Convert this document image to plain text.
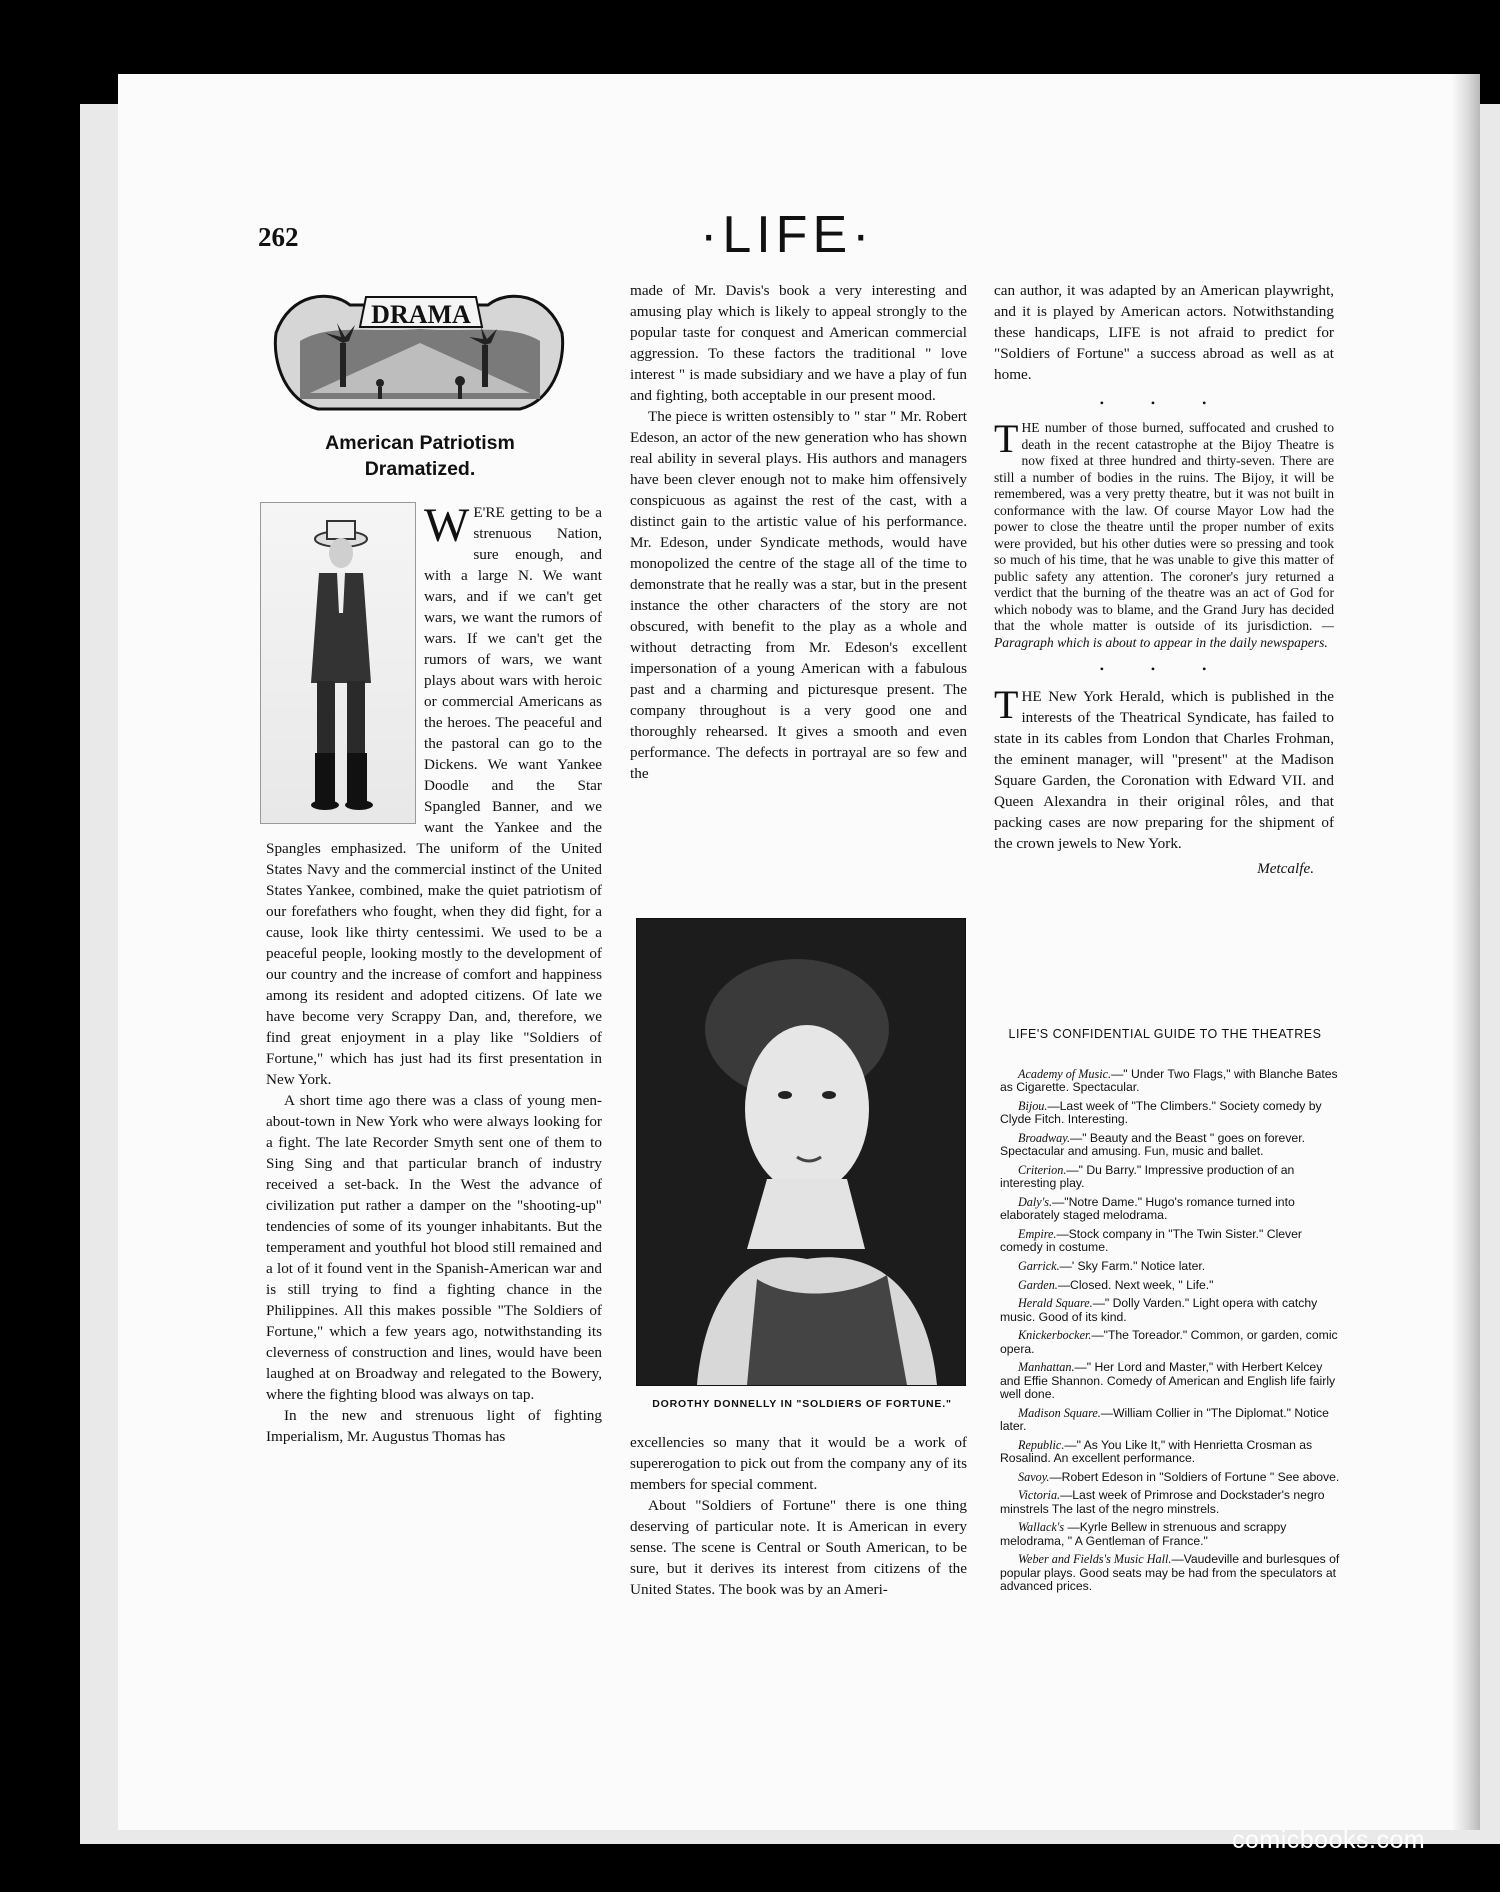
262	·LIFE·
DRAMA
American Patriotism
Dramatized.

W E'RE getting to be a strenuous Nation, sure enough, and with a large N. We want wars, and if we can't get wars, we want the rumors of wars. If we can't get the rumors of wars, we want plays about wars with heroic or commercial Americans as the heroes. The peaceful and the pastoral can go to the Dickens. We want Yankee Doodle and the Star Spangled Banner, and we want the Yankee and the Spangles emphasized. The uniform of the United States Navy and the commercial instinct of the United States Yankee, combined, make the quiet patriotism of our forefathers who fought, when they did fight, for a cause, look like thirty centessimi. We used to be a peaceful people, looking mostly to the development of our country and the increase of comfort and happiness among its resident and adopted citizens. Of late we have become very Scrappy Dan, and, therefore, we find great enjoyment in a play like "Soldiers of Fortune," which has just had its first presentation in New York.

A short time ago there was a class of young men-about-town in New York who were always looking for a fight. The late Recorder Smyth sent one of them to Sing Sing and that particular branch of industry received a set-back. In the West the advance of civilization put rather a damper on the "shooting-up" tendencies of some of its younger inhabitants. But the temperament and youthful hot blood still remained and a lot of it found vent in the Spanish-American war and is still trying to find a fighting chance in the Philippines. All this makes possible "The Soldiers of Fortune," which a few years ago, notwithstanding its cleverness of construction and lines, would have been laughed at on Broadway and relegated to the Bowery, where the fighting blood was always on tap.

In the new and strenuous light of fighting Imperialism, Mr. Augustus Thomas has

made of Mr. Davis's book a very interesting and amusing play which is likely to appeal strongly to the popular taste for conquest and American commercial aggression. To these factors the traditional " love interest " is made subsidiary and we have a play of fun and fighting, both acceptable in our present mood.

The piece is written ostensibly to " star " Mr. Robert Edeson, an actor of the new generation who has shown real ability in several plays. His authors and managers have been clever enough not to make him offensively conspicuous as against the rest of the cast, with a distinct gain to the artistic value of his performance. Mr. Edeson, under Syndicate methods, would have monopolized the centre of the stage all of the time to demonstrate that he really was a star, but in the present instance the other characters of the story are not obscured, with benefit to the play as a whole and without detracting from Mr. Edeson's excellent impersonation of a young American with a fabulous past and a charming and picturesque present. The company throughout is a very good one and thoroughly rehearsed. It gives a smooth and even performance. The defects in portrayal are so few and the

DOROTHY DONNELLY IN "SOLDIERS OF FORTUNE."

excellencies so many that it would be a work of supererogation to pick out from the company any of its members for special comment.

About "Soldiers of Fortune" there is one thing deserving of particular note. It is American in every sense. The scene is Central or South American, to be sure, but it derives its interest from citizens of the United States. The book was by an Ameri-

can author, it was adapted by an American playwright, and it is played by American actors. Notwithstanding these handicaps, LIFE is not afraid to predict for "Soldiers of Fortune" a success abroad as well as at home.

• • •

THE number of those burned, suffocated and crushed to death in the recent catastrophe at the Bijoy Theatre is now fixed at three hundred and thirty-seven. There are still a number of bodies in the ruins. The Bijoy, it will be remembered, was a very pretty theatre, but it was not built in conformance with the law. Of course Mayor Low had the power to close the theatre until the proper number of exits were provided, but his other duties were so pressing and took so much of his time, that he was unable to give this matter of public safety any attention. The coroner's jury returned a verdict that the burning of the theatre was an act of God for which nobody was to blame, and the Grand Jury has decided that the whole matter is outside of its jurisdiction. —Paragraph which is about to appear in the daily newspapers.

• • •

THE New York Herald, which is published in the interests of the Theatrical Syndicate, has failed to state in its cables from London that Charles Frohman, the eminent manager, will "present" at the Madison Square Garden, the Coronation with Edward VII. and Queen Alexandra in their original rôles, and that packing cases are now preparing for the shipment of the crown jewels to New York.

Metcalfe.
LIFE'S CONFIDENTIAL GUIDE TO THE THEATRES
Academy of Music.—" Under Two Flags," with Blanche Bates as Cigarette. Spectacular.
Bijou.—Last week of "The Climbers." Society comedy by Clyde Fitch. Interesting.
Broadway.—" Beauty and the Beast " goes on forever. Spectacular and amusing. Fun, music and ballet.
Criterion.—" Du Barry." Impressive production of an interesting play.
Daly's.—"Notre Dame." Hugo's romance turned into elaborately staged melodrama.
Empire.—Stock company in "The Twin Sister." Clever comedy in costume.
Garrick.—' Sky Farm." Notice later.
Garden.—Closed. Next week, " Life."
Herald Square.—" Dolly Varden." Light opera with catchy music. Good of its kind.
Knickerbocker.—"The Toreador." Common, or garden, comic opera.
Manhattan.—" Her Lord and Master," with Herbert Kelcey and Effie Shannon. Comedy of American and English life fairly well done.
Madison Square.—William Collier in "The Diplomat." Notice later.
Republic.—" As You Like It," with Henrietta Crosman as Rosalind. An excellent performance.
Savoy.—Robert Edeson in "Soldiers of Fortune " See above.
Victoria.—Last week of Primrose and Dockstader's negro minstrels The last of the negro minstrels.
Wallack's —Kyrle Bellew in strenuous and scrappy melodrama, " A Gentleman of France."
Weber and Fields's Music Hall.—Vaudeville and burlesques of popular plays. Good seats may be had from the speculators at advanced prices.
comicbooks.com
